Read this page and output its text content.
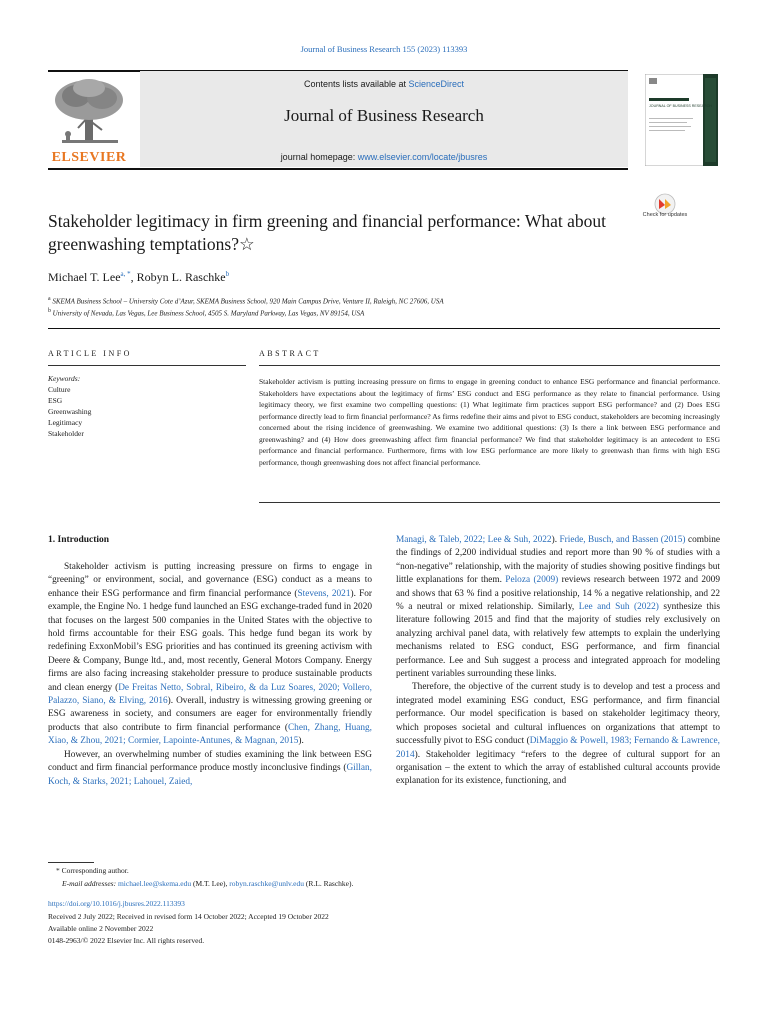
Journal of Business Research 155 (2023) 113393
ELSEVIER
Contents lists available at ScienceDirect
Journal of Business Research
journal homepage: www.elsevier.com/locate/jbusres
JOURNAL OF BUSINESS RESEARCH
Stakeholder legitimacy in firm greening and financial performance: What about greenwashing temptations?☆
Check for updates
Michael T. Lee$^{a, *}$, Robyn L. Raschke$^b$
$^a$ SKEMA Business School – University Cote d’Azur, SKEMA Business School, 920 Main Campus Drive, Venture II, Raleigh, NC 27606, USA
$^b$ University of Nevada, Las Vegas, Lee Business School, 4505 S. Maryland Parkway, Las Vegas, NV 89154, USA
ARTICLE INFO	ABSTRACT
Keywords:
Culture
ESG
Greenwashing
Legitimacy
Stakeholder
Stakeholder activism is putting increasing pressure on firms to engage in greening conduct to enhance ESG performance and financial performance. Stakeholders have expectations about the legitimacy of firms’ ESG conduct and ESG performance as they relate to financial performance. Using legitimacy theory, we first examine two compelling questions: (1) What legitimate firm practices support ESG performance? and (2) Does ESG performance directly lead to firm financial performance? As firms redefine their aims and pivot to ESG conduct, stakeholders are becoming increasingly concerned about the rising incidence of greenwashing. We examine two additional questions: (3) Is there a link between ESG performance and greenwashing? and (4) How does greenwashing affect firm financial performance? We find that stakeholder legitimacy is an antecedent to ESG performance and financial performance. Furthermore, firms with low ESG performance are more likely to greenwash than firms with high ESG performance, though greenwashing does not affect financial performance.
1. Introduction

Stakeholder activism is putting increasing pressure on firms to engage in “greening” or environment, social, and governance (ESG) conduct as a means to enhance their ESG performance and firm financial performance (Stevens, 2021). For example, the Engine No. 1 hedge fund launched an ESG exchange-traded fund in 2020 that focuses on the largest 500 companies in the United States with the objective to hold firms accountable for their ESG goals. This hedge fund began its work by redefining ExxonMobil’s ESG priorities and has continued its greening activism with Deere & Company, Bunge ltd., and, most recently, General Motors Company. Energy firms are also facing increasing stakeholder pressure to produce sustainable products and clean energy (De Freitas Netto, Sobral, Ribeiro, & da Luz Soares, 2020; Vollero, Palazzo, Siano, & Elving, 2016). Overall, industry is witnessing growing greening or ESG awareness in society, and consumers are eager for environmentally friendly products that also contribute to firm financial performance (Chen, Zhang, Huang, Xiao, & Zhou, 2021; Cormier, Lapointe-Antunes, & Magnan, 2015).

However, an overwhelming number of studies examining the link between ESG conduct and firm financial performance produce mostly inconclusive findings (Gillan, Koch, & Starks, 2021; Lahouel, Zaied,

Managi, & Taleb, 2022; Lee & Suh, 2022). Friede, Busch, and Bassen (2015) combine the findings of 2,200 individual studies and report more than 90 % of studies with a “non-negative” relationship, with the majority of studies showing positive findings but little explanations for them. Peloza (2009) reviews research between 1972 and 2009 and shows that 63 % find a positive relationship, 14 % a negative relationship, and 22 % a neutral or mixed relationship. Similarly, Lee and Suh (2022) synthesize this literature following 2015 and find that the majority of studies rely exclusively on analyzing archival panel data, with relatively few attempts to explain the underlying mechanisms related to ESG conduct, ESG performance, and firm financial performance. Lee and Suh suggest a process and integrated approach for modeling pertinent variables surrounding these links.

Therefore, the objective of the current study is to develop and test a process and integrated model examining ESG conduct, ESG performance, and firm financial performance. Our model specification is based on stakeholder legitimacy theory, which proposes societal and cultural influences on organizations that attempt to successfully pivot to ESG conduct (DiMaggio & Powell, 1983; Fernando & Lawrence, 2014). Stakeholder legitimacy “refers to the degree of cultural support for an organisation – the extent to which the array of established cultural accounts provide explanation for its existence, functioning, and

* Corresponding author.
E-mail addresses: michael.lee@skema.edu (M.T. Lee), robyn.raschke@unlv.edu (R.L. Raschke).
https://doi.org/10.1016/j.jbusres.2022.113393
Received 2 July 2022; Received in revised form 14 October 2022; Accepted 19 October 2022
Available online 2 November 2022
0148-2963/© 2022 Elsevier Inc. All rights reserved.
